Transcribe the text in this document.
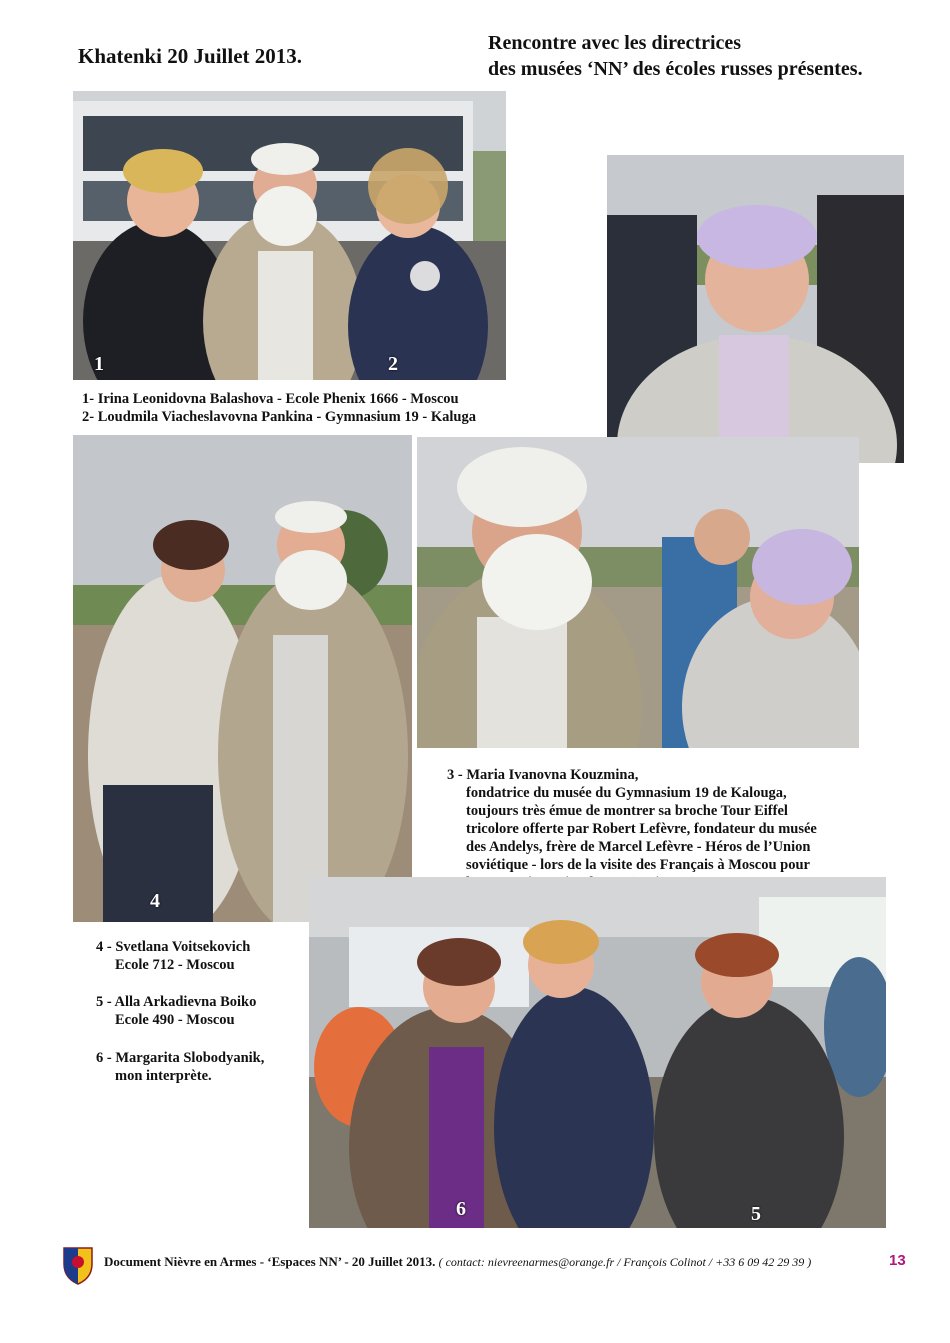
Khatenki 20 Juillet 2013.
Rencontre avec les directrices
des musées ‘NN’ des écoles russes présentes.
1	2
1- Irina Leonidovna Balashova - Ecole Phenix 1666 - Moscou
2- Loudmila Viacheslavovna Pankina - Gymnasium 19 - Kaluga
4
3 - Maria Ivanovna Kouzmina,
fondatrice du musée du Gymnasium 19 de Kalouga,
toujours très émue de montrer sa broche Tour Eiffel
tricolore offerte par Robert Lefèvre, fondateur du musée
des Andelys, frère de Marcel Lefèvre - Héros de l’Union
soviétique - lors de la visite des Français à Moscou pour
4 - Svetlana Voitsekovich
Ecole 712 - Moscou
5 - Alla Arkadievna Boiko
Ecole 490 - Moscou
6 - Margarita Slobodyanik,
mon interprète.
6	5
Document Nièvre en Armes - ‘Espaces NN’ - 20 Juillet 2013. ( contact: nievreenarmes@orange.fr / François Colinot / +33 6 09 42 29 39 )	13
